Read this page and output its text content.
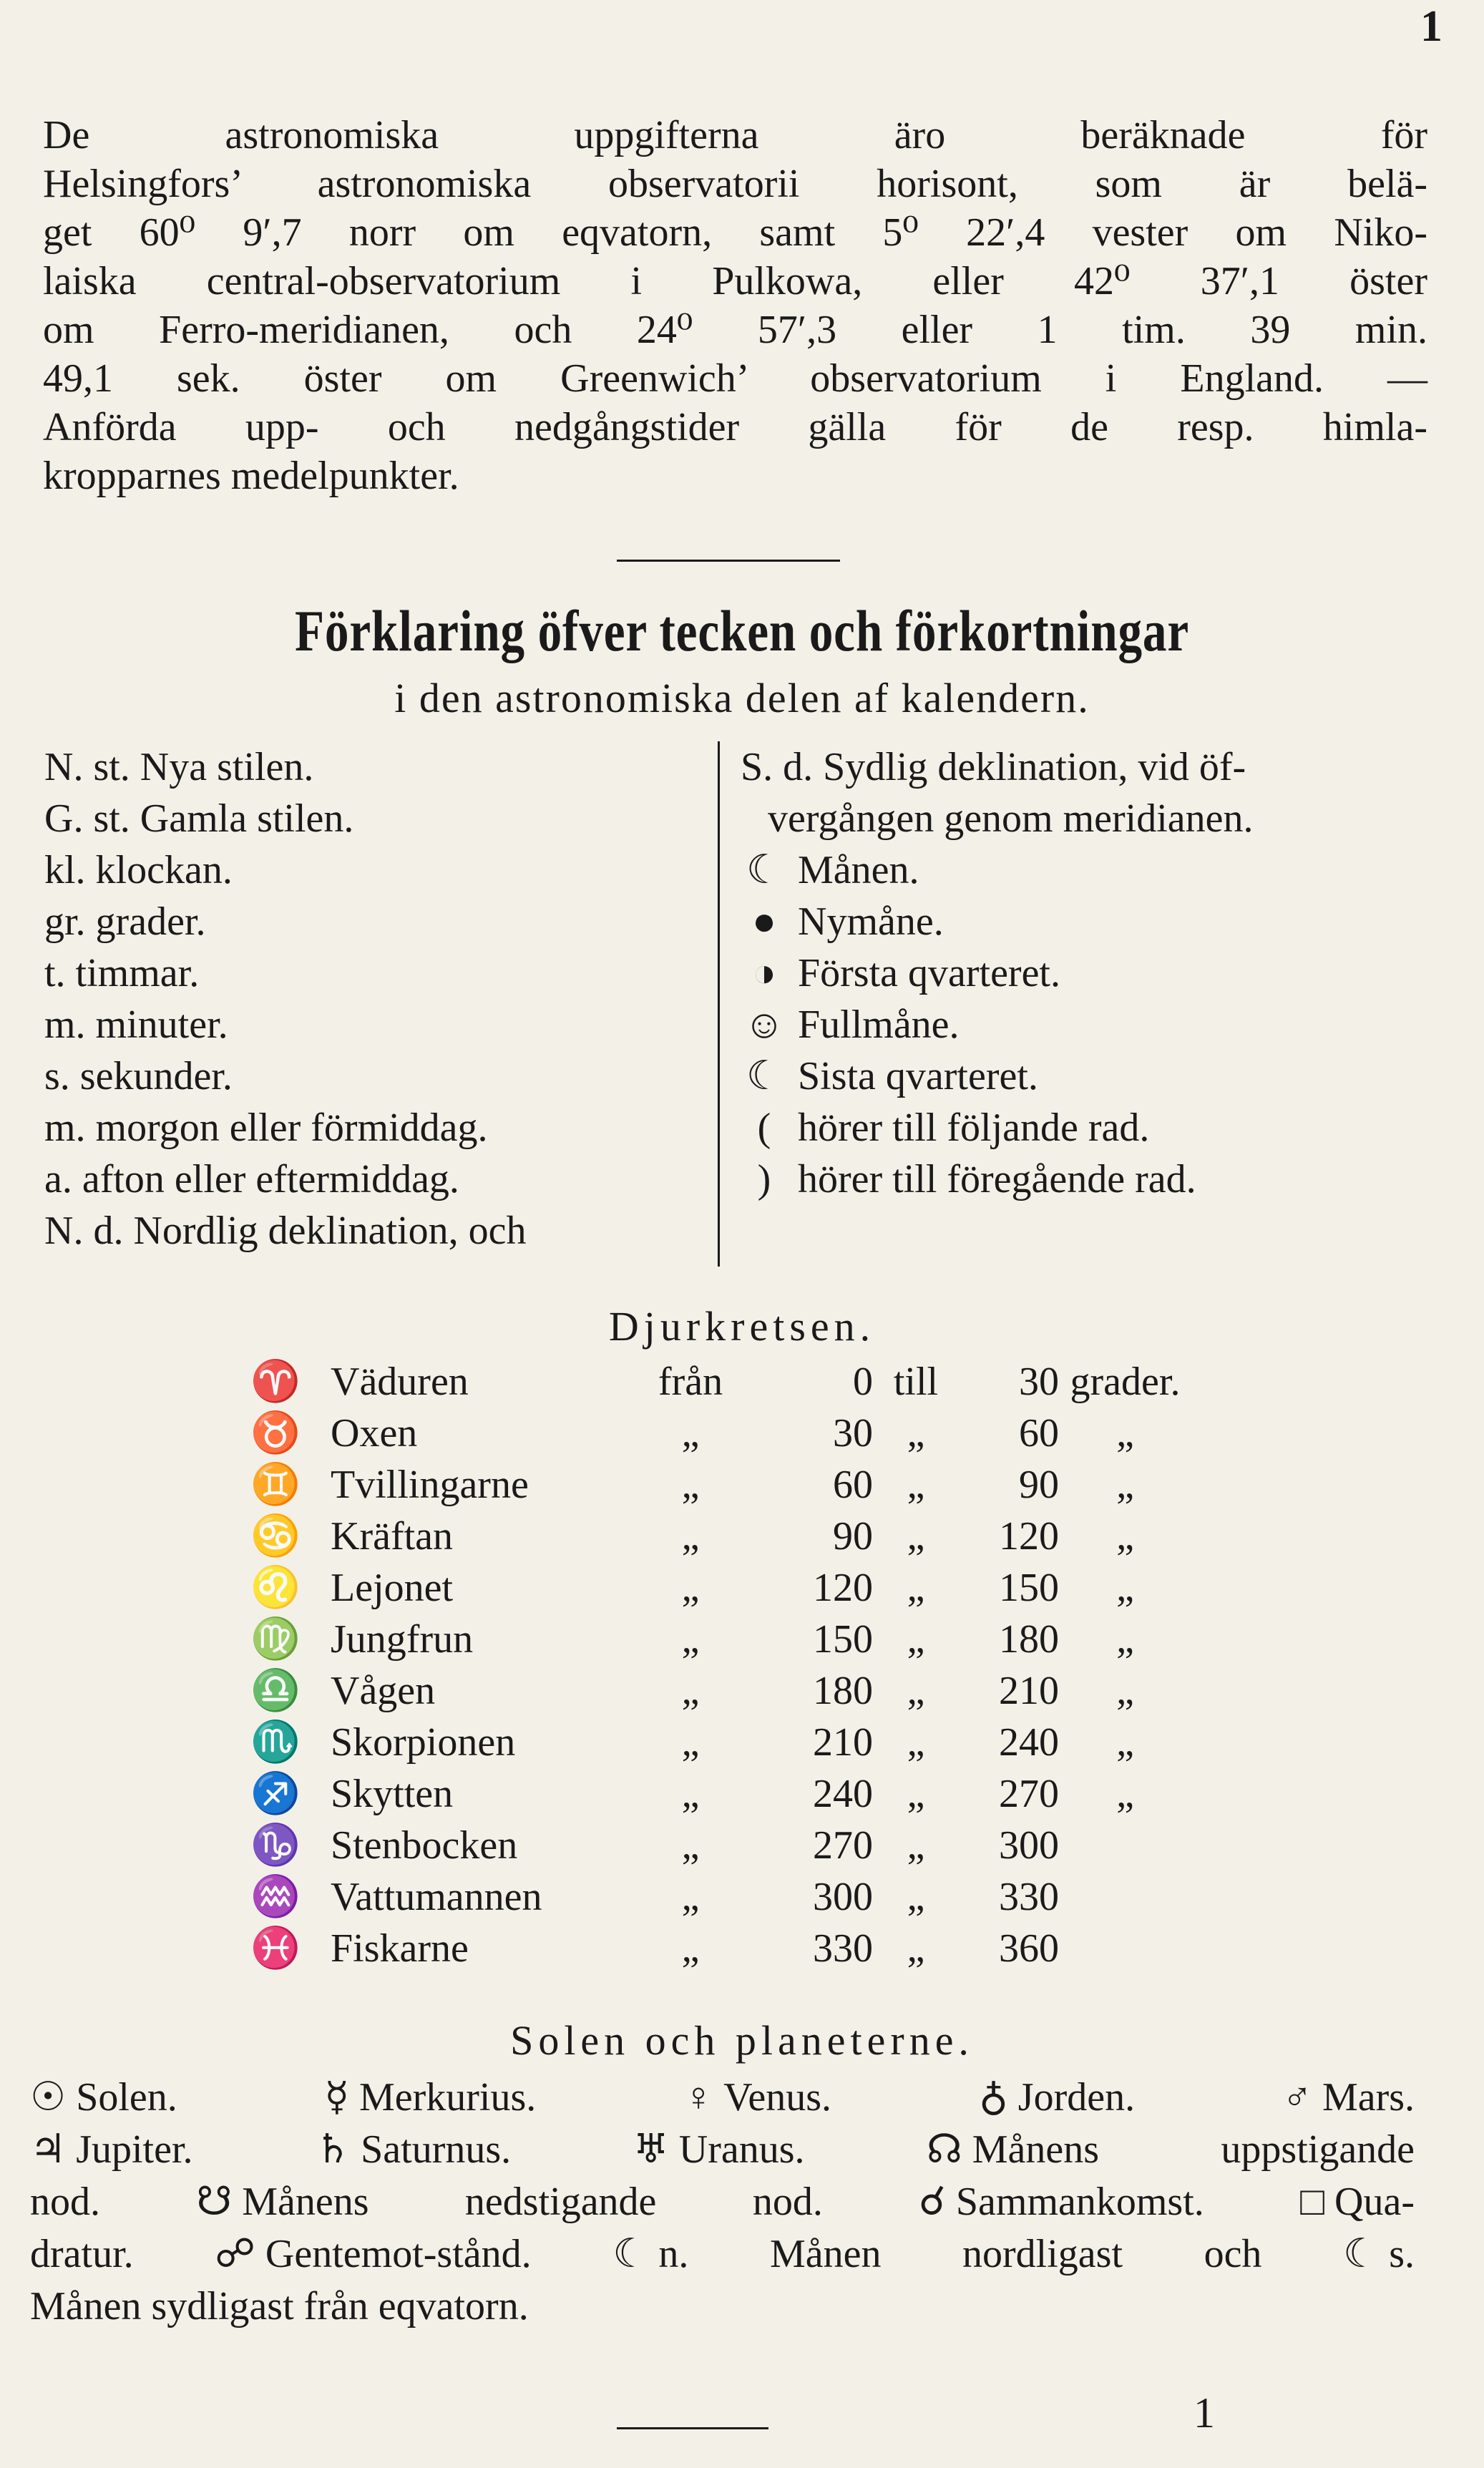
1
De astronomiska uppgifterna äro beräknade för
Helsingfors’ astronomiska observatorii horisont, som är belä-
get 60⁰ 9′,7 norr om eqvatorn, samt 5⁰ 22′,4 vester om Niko-
laiska central-observatorium i Pulkowa, eller 42⁰ 37′,1 öster
om Ferro-meridianen, och 24⁰ 57′,3 eller 1 tim. 39 min.
49,1 sek. öster om Greenwich’ observatorium i England. —
Anförda upp- och nedgångstider gälla för de resp. himla-
kropparnes medelpunkter.
Förklaring öfver tecken och förkortningar
i den astronomiska delen af kalendern.
N. st. Nya stilen.
G. st. Gamla stilen.
kl. klockan.
gr. grader.
t. timmar.
m. minuter.
s. sekunder.
m. morgon eller förmiddag.
a. afton eller eftermiddag.
N. d. Nordlig deklination, och
S. d. Sydlig deklination, vid öf-
vergången genom meridianen.
☾ Månen.
● Nymåne.
◑ Första qvarteret.
☺ Fullmåne.
☾ Sista qvarteret.
( hörer till följande rad.
) hörer till föregående rad.
Djurkretsen.
♈ Väduren	från	0 till	30 grader.
♉ Oxen	„	30 „	60	„
♊ Tvillingarne	„	60 „	90	„
♋ Kräftan	„	90 „	120	„
♌ Lejonet	„	120 „	150	„
♍ Jungfrun	„	150 „	180	„
♎ Vågen	„	180 „	210	„
♏ Skorpionen	„	210 „	240	„
♐ Skytten	„	240 „	270	„
♑ Stenbocken	„	270 „	300
♒ Vattumannen	„	300 „	330
♓ Fiskarne	„	330 „	360
Solen och planeterne.
☉ Solen.	☿ Merkurius.	♀ Venus.	♁ Jorden.	♂ Mars.
♃ Jupiter.	♄ Saturnus.	♅ Uranus.	☊ Månens uppstigande
nod. ☋ Månens nedstigande nod. ☌ Sammankomst. □ Qua-
dratur. ☍ Gentemot-stånd. ☾ n. Månen nordligast och ☾ s.
Månen sydligast från eqvatorn.
1
